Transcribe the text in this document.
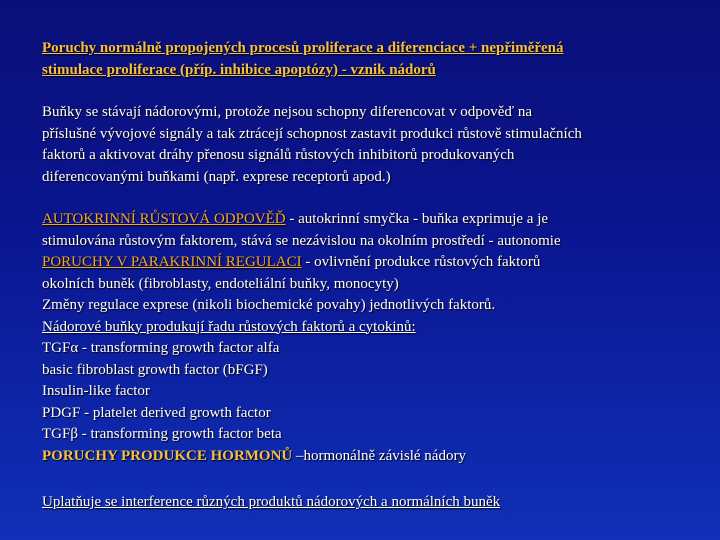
Poruchy normálně propojených procesů proliferace a diferenciace + nepřiměřená
stimulace proliferace (příp. inhibice apoptózy) - vznik nádorů
Buňky se stávají nádorovými, protože nejsou schopny diferencovat v odpověď na
příslušné vývojové signály a tak ztrácejí schopnost zastavit produkci růstově stimulačních
faktorů a aktivovat dráhy přenosu signálů růstových inhibitorů produkovaných
diferencovanými buňkami (např. exprese receptorů apod.)
AUTOKRINNÍ RŮSTOVÁ ODPOVĚĎ - autokrinní smyčka - buňka exprimuje a je
stimulována růstovým faktorem, stává se nezávislou na okolním prostředí - autonomie
PORUCHY V PARAKRINNÍ REGULACI - ovlivnění produkce růstových faktorů
okolních buněk (fibroblasty, endoteliální buňky, monocyty)
Změny regulace exprese (nikoli biochemické povahy) jednotlivých faktorů.
Nádorové buňky produkují řadu růstových faktorů a cytokinů:
TGFα - transforming growth factor alfa
basic fibroblast growth factor (bFGF)
Insulin-like factor
PDGF - platelet derived growth factor
TGFβ - transforming growth factor beta
PORUCHY PRODUKCE HORMONŮ –hormonálně závislé nádory
Uplatňuje se interference různých produktů nádorových a normálních buněk
